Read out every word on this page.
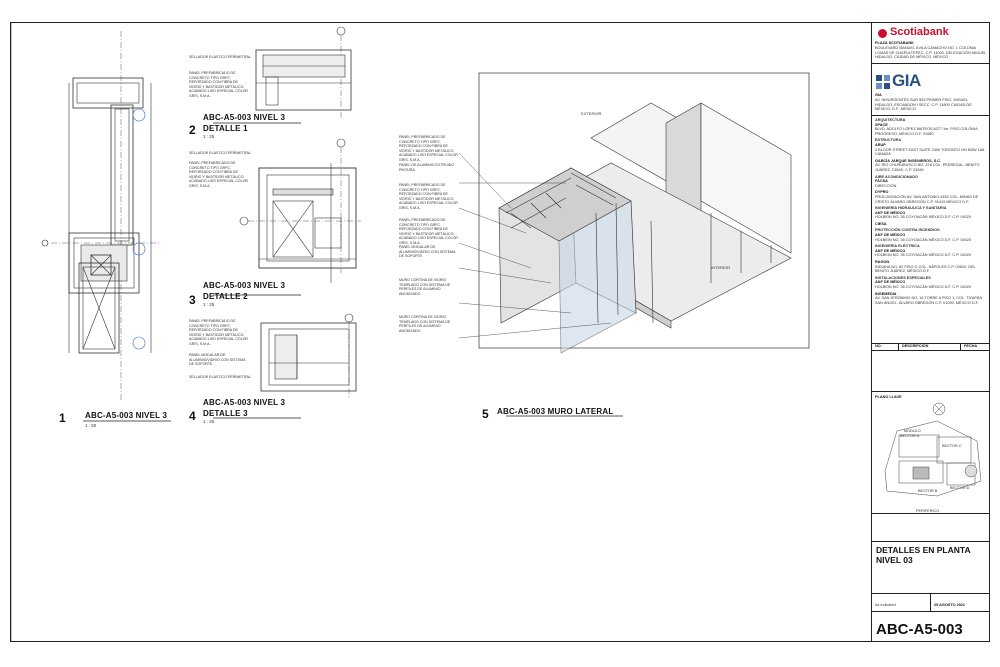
SELLADOR ELÁSTICO PERIMETRAL
PANEL PREFABRICADO DE CONCRETO TIPO GRFC, REFORZADO CON FIBRA DE VIDRIO Y BASTIDOR METÁLICO. ACABADO LISO ESPECIAL COLOR GRIS, S.M.A.
SELLADOR ELÁSTICO PERIMETRAL
PANEL PREFABRICADO DE CONCRETO TIPO GRFC, REFORZADO CON FIBRA DE VIDRIO Y BASTIDOR METÁLICO. ACABADO LISO ESPECIAL COLOR GRIS, S.M.A.
PANEL PREFABRICADO DE CONCRETO TIPO GRFC, REFORZADO CON FIBRA DE VIDRIO Y BASTIDOR METÁLICO. ACABADO LISO ESPECIAL COLOR GRIS, S.M.A.
PANEL MODULAR DE ALUMINIO/VIDRIO CON SISTEMA DE SOPORTE
SELLADOR ELÁSTICO PERIMETRAL
PANEL PREFABRICADO DE CONCRETO TIPO GRFC, REFORZADO CON FIBRA DE VIDRIO Y BASTIDOR METÁLICO. ACABADO LISO ESPECIAL COLOR GRIS, S.M.A.
PANEL DE ALUMINIO EXTRUIDO PINTURA
PANEL PREFABRICADO DE CONCRETO TIPO GRFC, REFORZADO CON FIBRA DE VIDRIO Y BASTIDOR METÁLICO. ACABADO LISO ESPECIAL COLOR GRIS, S.M.A.
PANEL PREFABRICADO DE CONCRETO TIPO GRFC, REFORZADO CON FIBRA DE VIDRIO Y BASTIDOR METÁLICO. ACABADO LISO ESPECIAL COLOR GRIS, S.M.A.
PANEL MODULAR DE ALUMINIO/VIDRIO CON SISTEMA DE SOPORTE
MURO CORTINA DE VIDRIO TEMPLADO CON SISTEMA DE PERFILES DE ALUMINIO ANODIZADO
MURO CORTINA DE VIDRIO TEMPLADO CON SISTEMA DE PERFILES DE ALUMINIO ANODIZADO
EXTERIOR
INTERIOR
1 ABC-A5-003 NIVEL 3
1 : 50
2
ABC-A5-003 NIVEL 3
DETALLE 1
1 : 25
3
ABC-A5-003 NIVEL 3
DETALLE 2
1 : 25
4
ABC-A5-003 NIVEL 3
DETALLE 3
1 : 25
5 ABC-A5-003 MURO LATERAL
Scotiabank
PLAZA SCOTIABANK
BOULEVARD MANUEL ÁVILA CAMACHO NO. 1 COLONIA LOMAS DE CHAPULTEPEC, C.P. 11000, DELEGACIÓN MIGUEL HIDALGO, CIUDAD DE MÉXICO, MÉXICO
GIA
GIA
AV. INSURGENTES SUR 553 PRIMER PISO, MIGUEL HIDALGO, ESCANDON I SECC. C.P. 11800 CIUDAD DE MÉXICO, D.F., MÉXICO
ARQUITECTURA
SPACE
BLVD. ADOLFO LÓPEZ MATEOS 8277 1er. PISO COLONIA PROGRESO, MÉXICO D.F. 01080
ESTRUCTURA
ARUP
2 BLOOR STREET EAST SUITE 2400 TORONTO ON M4W 1A8 CANADA
GARCÍA JARQUE INGENIEROS, S.C.
AV. RÍO CHURUBUSCO NO. 378 COL. PEDREGAL, BENITO JUÁREZ, CDMX, C.P. 03340
AIRE ACONDICIONADO
FACSA
DIRECCIÓN
DYPRO
PROLONGACIÓN AV. SAN ANTONIO #152 COL. MINAS DE CRISTO ÁLVARO OBREGÓN C.P. 01419 MÉXICO D.F.
INGENIERÍA HIDRÁULICA Y SANITARIA
AKF DE MÉXICO
HOLBEIN NO. 35 COYOACÁN MÉXICO D.F. C.P. 04020
CIESA
PROTECCIÓN CONTRA INCENDIOS
AKF DE MÉXICO
HOLBEIN NO. 35 COYOACÁN MÉXICO D.F. C.P. 04020
INGENIERÍA ELÉCTRICA
AKF DE MÉXICO
HOLBEIN NO. 35 COYOACÁN MÉXICO D.F. C.P. 04020
RAGON
INDIANA NO. 62 PISO 3, COL. NÁPOLES C.P. 03810, DEL. BENITO JUÁREZ, MÉXICO D.F.
INSTALACIONES ESPECIALES
AKF DE MÉXICO
HOLBEIN NO. 35 COYOACÁN MÉXICO D.F. C.P. 04020
INGEMEDIA
AV. SAN JERÓNIMO NO. 16 TORRE A PISO 1, COL. TIZAPÁN SAN ÁNGEL, ÁLVARO OBREGÓN C.P. 01090, MÉXICO D.F.
NO.	DESCRIPCIÓN	FECHA
PLANO LLAVE
BECTOR A
BECTOR C
BECTOR B
BECTOR D
PERIFERICO
MÓDULO
DETALLES EN PLANTA NIVEL 03
As indicated	25 AGOSTO 2021
ABC-A5-003
